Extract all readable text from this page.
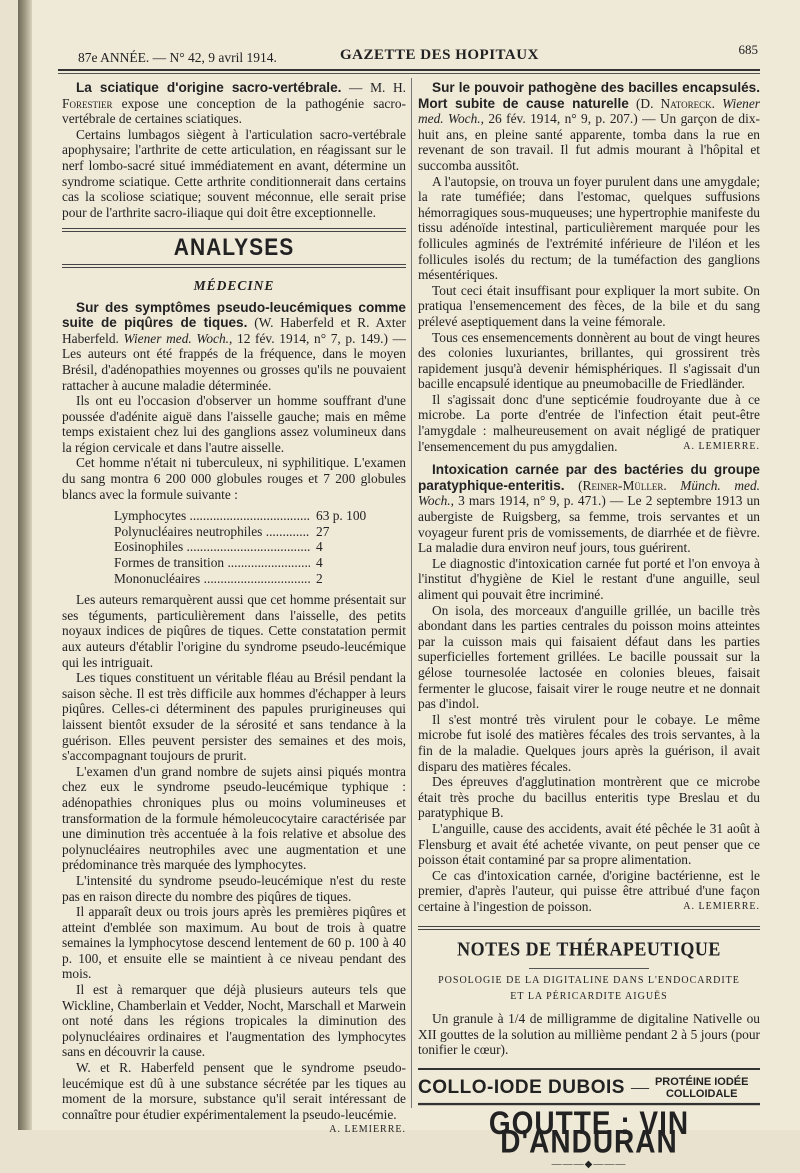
87e ANNÉE. — N° 42, 9 avril 1914.	GAZETTE DES HOPITAUX	685

La sciatique d'origine sacro-vertébrale. — M. H. Forestier expose une conception de la pathogénie sacro-vertébrale de certaines sciatiques.

Certains lumbagos siègent à l'articulation sacro-vertébrale apophysaire; l'arthrite de cette articulation, en réagissant sur le nerf lombo-sacré situé immédiatement en avant, détermine un syndrome sciatique. Cette arthrite conditionnerait dans certains cas la scoliose sciatique; souvent méconnue, elle serait prise pour de l'arthrite sacro-iliaque qui doit être exceptionnelle.

ANALYSES
MÉDECINE

Sur des symptômes pseudo-leucémiques comme suite de piqûres de tiques. (W. Haberfeld et R. Axter Haberfeld. Wiener med. Woch., 12 fév. 1914, n° 7, p. 149.) — Les auteurs ont été frappés de la fréquence, dans le moyen Brésil, d'adénopathies moyennes ou grosses qu'ils ne pouvaient rattacher à aucune maladie déterminée.

Ils ont eu l'occasion d'observer un homme souffrant d'une poussée d'adénite aiguë dans l'aisselle gauche; mais en même temps existaient chez lui des ganglions assez volumineux dans la région cervicale et dans l'autre aisselle.

Cet homme n'était ni tuberculeux, ni syphilitique. L'examen du sang montra 6 200 000 globules rouges et 7 200 globules blancs avec la formule suivante :

Lymphocytes .....	63 p. 100
Polynucléaires neutrophiles .....	27
Eosinophiles .....	4
Formes de transition .....	4
Mononucléaires .....	2

Les auteurs remarquèrent aussi que cet homme présentait sur ses téguments, particulièrement dans l'aisselle, des petits noyaux indices de piqûres de tiques. Cette constatation permit aux auteurs d'établir l'origine du syndrome pseudo-leucémique qui les intriguait.

Les tiques constituent un véritable fléau au Brésil pendant la saison sèche. Il est très difficile aux hommes d'échapper à leurs piqûres. Celles-ci déterminent des papules prurigineuses qui laissent bientôt exsuder de la sérosité et sans tendance à la guérison. Elles peuvent persister des semaines et des mois, s'accompagnant toujours de prurit.

L'examen d'un grand nombre de sujets ainsi piqués montra chez eux le syndrome pseudo-leucémique typhique : adénopathies chroniques plus ou moins volumineuses et transformation de la formule hémoleucocytaire caractérisée par une diminution très accentuée à la fois relative et absolue des polynucléaires neutrophiles avec une augmentation et une prédominance très marquée des lymphocytes.

L'intensité du syndrome pseudo-leucémique n'est du reste pas en raison directe du nombre des piqûres de tiques.

Il apparaît deux ou trois jours après les premières piqûres et atteint d'emblée son maximum. Au bout de trois à quatre semaines la lymphocytose descend lentement de 60 p. 100 à 40 p. 100, et ensuite elle se maintient à ce niveau pendant des mois.

Il est à remarquer que déjà plusieurs auteurs tels que Wickline, Chamberlain et Vedder, Nocht, Marschall et Marwein ont noté dans les régions tropicales la diminution des polynucléaires ordinaires et l'augmentation des lymphocytes sans en découvrir la cause.

W. et R. Haberfeld pensent que le syndrome pseudo-leucémique est dû à une substance sécrétée par les tiques au moment de la morsure, substance qu'il serait intéressant de connaître pour étudier expérimentalement la pseudo-leucémie.
A. LEMIERRE.

Sur le pouvoir pathogène des bacilles encapsulés. Mort subite de cause naturelle (D. Natoreck. Wiener med. Woch., 26 fév. 1914, n° 9, p. 207.) — Un garçon de dix-huit ans, en pleine santé apparente, tomba dans la rue en revenant de son travail. Il fut admis mourant à l'hôpital et succomba aussitôt.

A l'autopsie, on trouva un foyer purulent dans une amygdale; la rate tuméfiée; dans l'estomac, quelques suffusions hémorragiques sous-muqueuses; une hypertrophie manifeste du tissu adénoïde intestinal, particulièrement marquée pour les follicules agminés de l'extrémité inférieure de l'iléon et les follicules isolés du rectum; de la tuméfaction des ganglions mésentériques.

Tout ceci était insuffisant pour expliquer la mort subite. On pratiqua l'ensemencement des fèces, de la bile et du sang prélevé aseptiquement dans la veine fémorale.

Tous ces ensemencements donnèrent au bout de vingt heures des colonies luxuriantes, brillantes, qui grossirent très rapidement jusqu'à devenir hémisphériques. Il s'agissait d'un bacille encapsulé identique au pneumobacille de Friedländer.

Il s'agissait donc d'une septicémie foudroyante due à ce microbe. La porte d'entrée de l'infection était peut-être l'amygdale : malheureusement on avait négligé de pratiquer l'ensemencement du pus amygdalien.	A. LEMIERRE.

Intoxication carnée par des bactéries du groupe paratyphique-enteritis. (Reiner-Müller. Münch. med. Woch., 3 mars 1914, n° 9, p. 471.) — Le 2 septembre 1913 un aubergiste de Ruigsberg, sa femme, trois servantes et un voyageur furent pris de vomissements, de diarrhée et de fièvre. La maladie dura environ neuf jours, tous guérirent.

Le diagnostic d'intoxication carnée fut porté et l'on envoya à l'institut d'hygiène de Kiel le restant d'une anguille, seul aliment qui pouvait être incriminé.

On isola, des morceaux d'anguille grillée, un bacille très abondant dans les parties centrales du poisson moins atteintes par la cuisson mais qui faisaient défaut dans les parties superficielles fortement grillées. Le bacille poussait sur la gélose tournesolée lactosée en colonies bleues, faisait fermenter le glucose, faisait virer le rouge neutre et ne donnait pas d'indol.

Il s'est montré très virulent pour le cobaye. Le même microbe fut isolé des matières fécales des trois servantes, à la fin de la maladie. Quelques jours après la guérison, il avait disparu des matières fécales.

Des épreuves d'agglutination montrèrent que ce microbe était très proche du bacillus enteritis type Breslau et du paratyphique B.

L'anguille, cause des accidents, avait été pêchée le 31 août à Flensburg et avait été achetée vivante, on peut penser que ce poisson était contaminé par sa propre alimentation.

Ce cas d'intoxication carnée, d'origine bactérienne, est le premier, d'après l'auteur, qui puisse être attribué d'une façon certaine à l'ingestion de poisson.	A. LEMIERRE.

NOTES DE THÉRAPEUTIQUE
POSOLOGIE DE LA DIGITALINE DANS L'ENDOCARDITE
ET LA PÉRICARDITE AIGUËS

Un granule à 1/4 de milligramme de digitaline Nativelle ou XII gouttes de la solution au millième pendant 2 à 5 jours (pour tonifier le cœur).

COLLO-IODE DUBOIS — PROTÉINE IODÉE
COLLOIDALE
GOUTTE : VIN D'ANDURAN
———◆———
